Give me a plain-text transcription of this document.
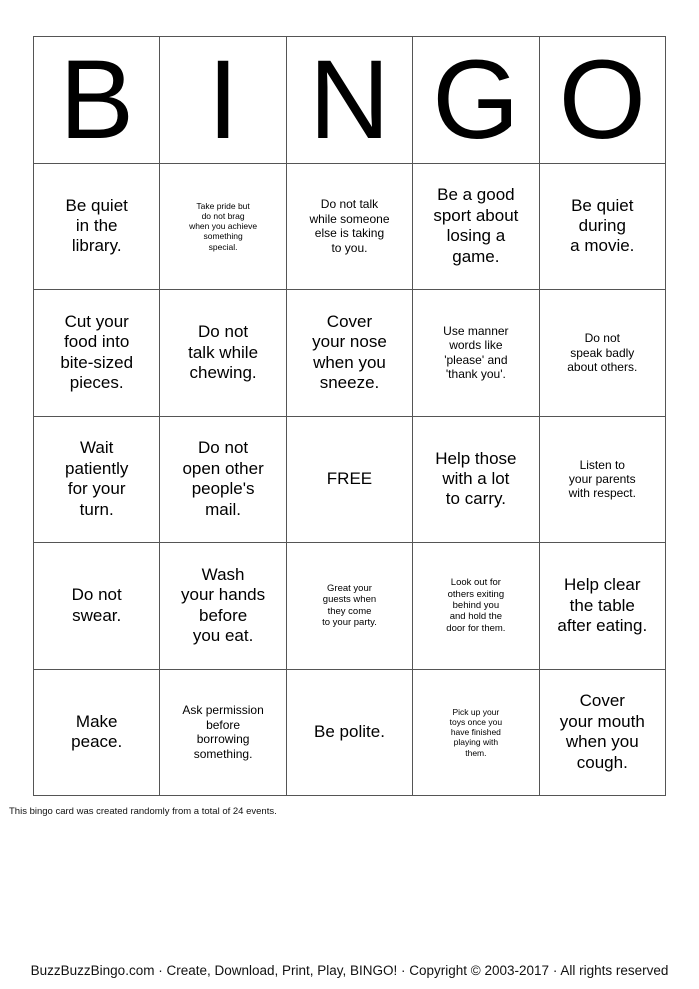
B	I	N	G	O

Be quiet
in the
library.	Take pride but
do not brag
when you achieve
something
special.	Do not talk
while someone
else is taking
to you.	Be a good
sport about
losing a
game.	Be quiet
during
a movie.

Cut your
food into
bite-sized
pieces.	Do not
talk while
chewing.	Cover
your nose
when you
sneeze.	Use manner
words like
'please' and
'thank you'.	Do not
speak badly
about others.

Wait
patiently
for your
turn.	Do not
open other
people's
mail.	FREE	Help those
with a lot
to carry.	Listen to
your parents
with respect.

Do not
swear.	Wash
your hands
before
you eat.	Great your
guests when
they come
to your party.	Look out for
others exiting
behind you
and hold the
door for them.	Help clear
the table
after eating.

Make
peace.	Ask permission
before
borrowing
something.	Be polite.	Pick up your
toys once you
have finished
playing with
them.	Cover
your mouth
when you
cough.
This bingo card was created randomly from a total of 24 events.
BuzzBuzzBingo.com · Create, Download, Print, Play, BINGO! · Copyright © 2003-2017 · All rights reserved
